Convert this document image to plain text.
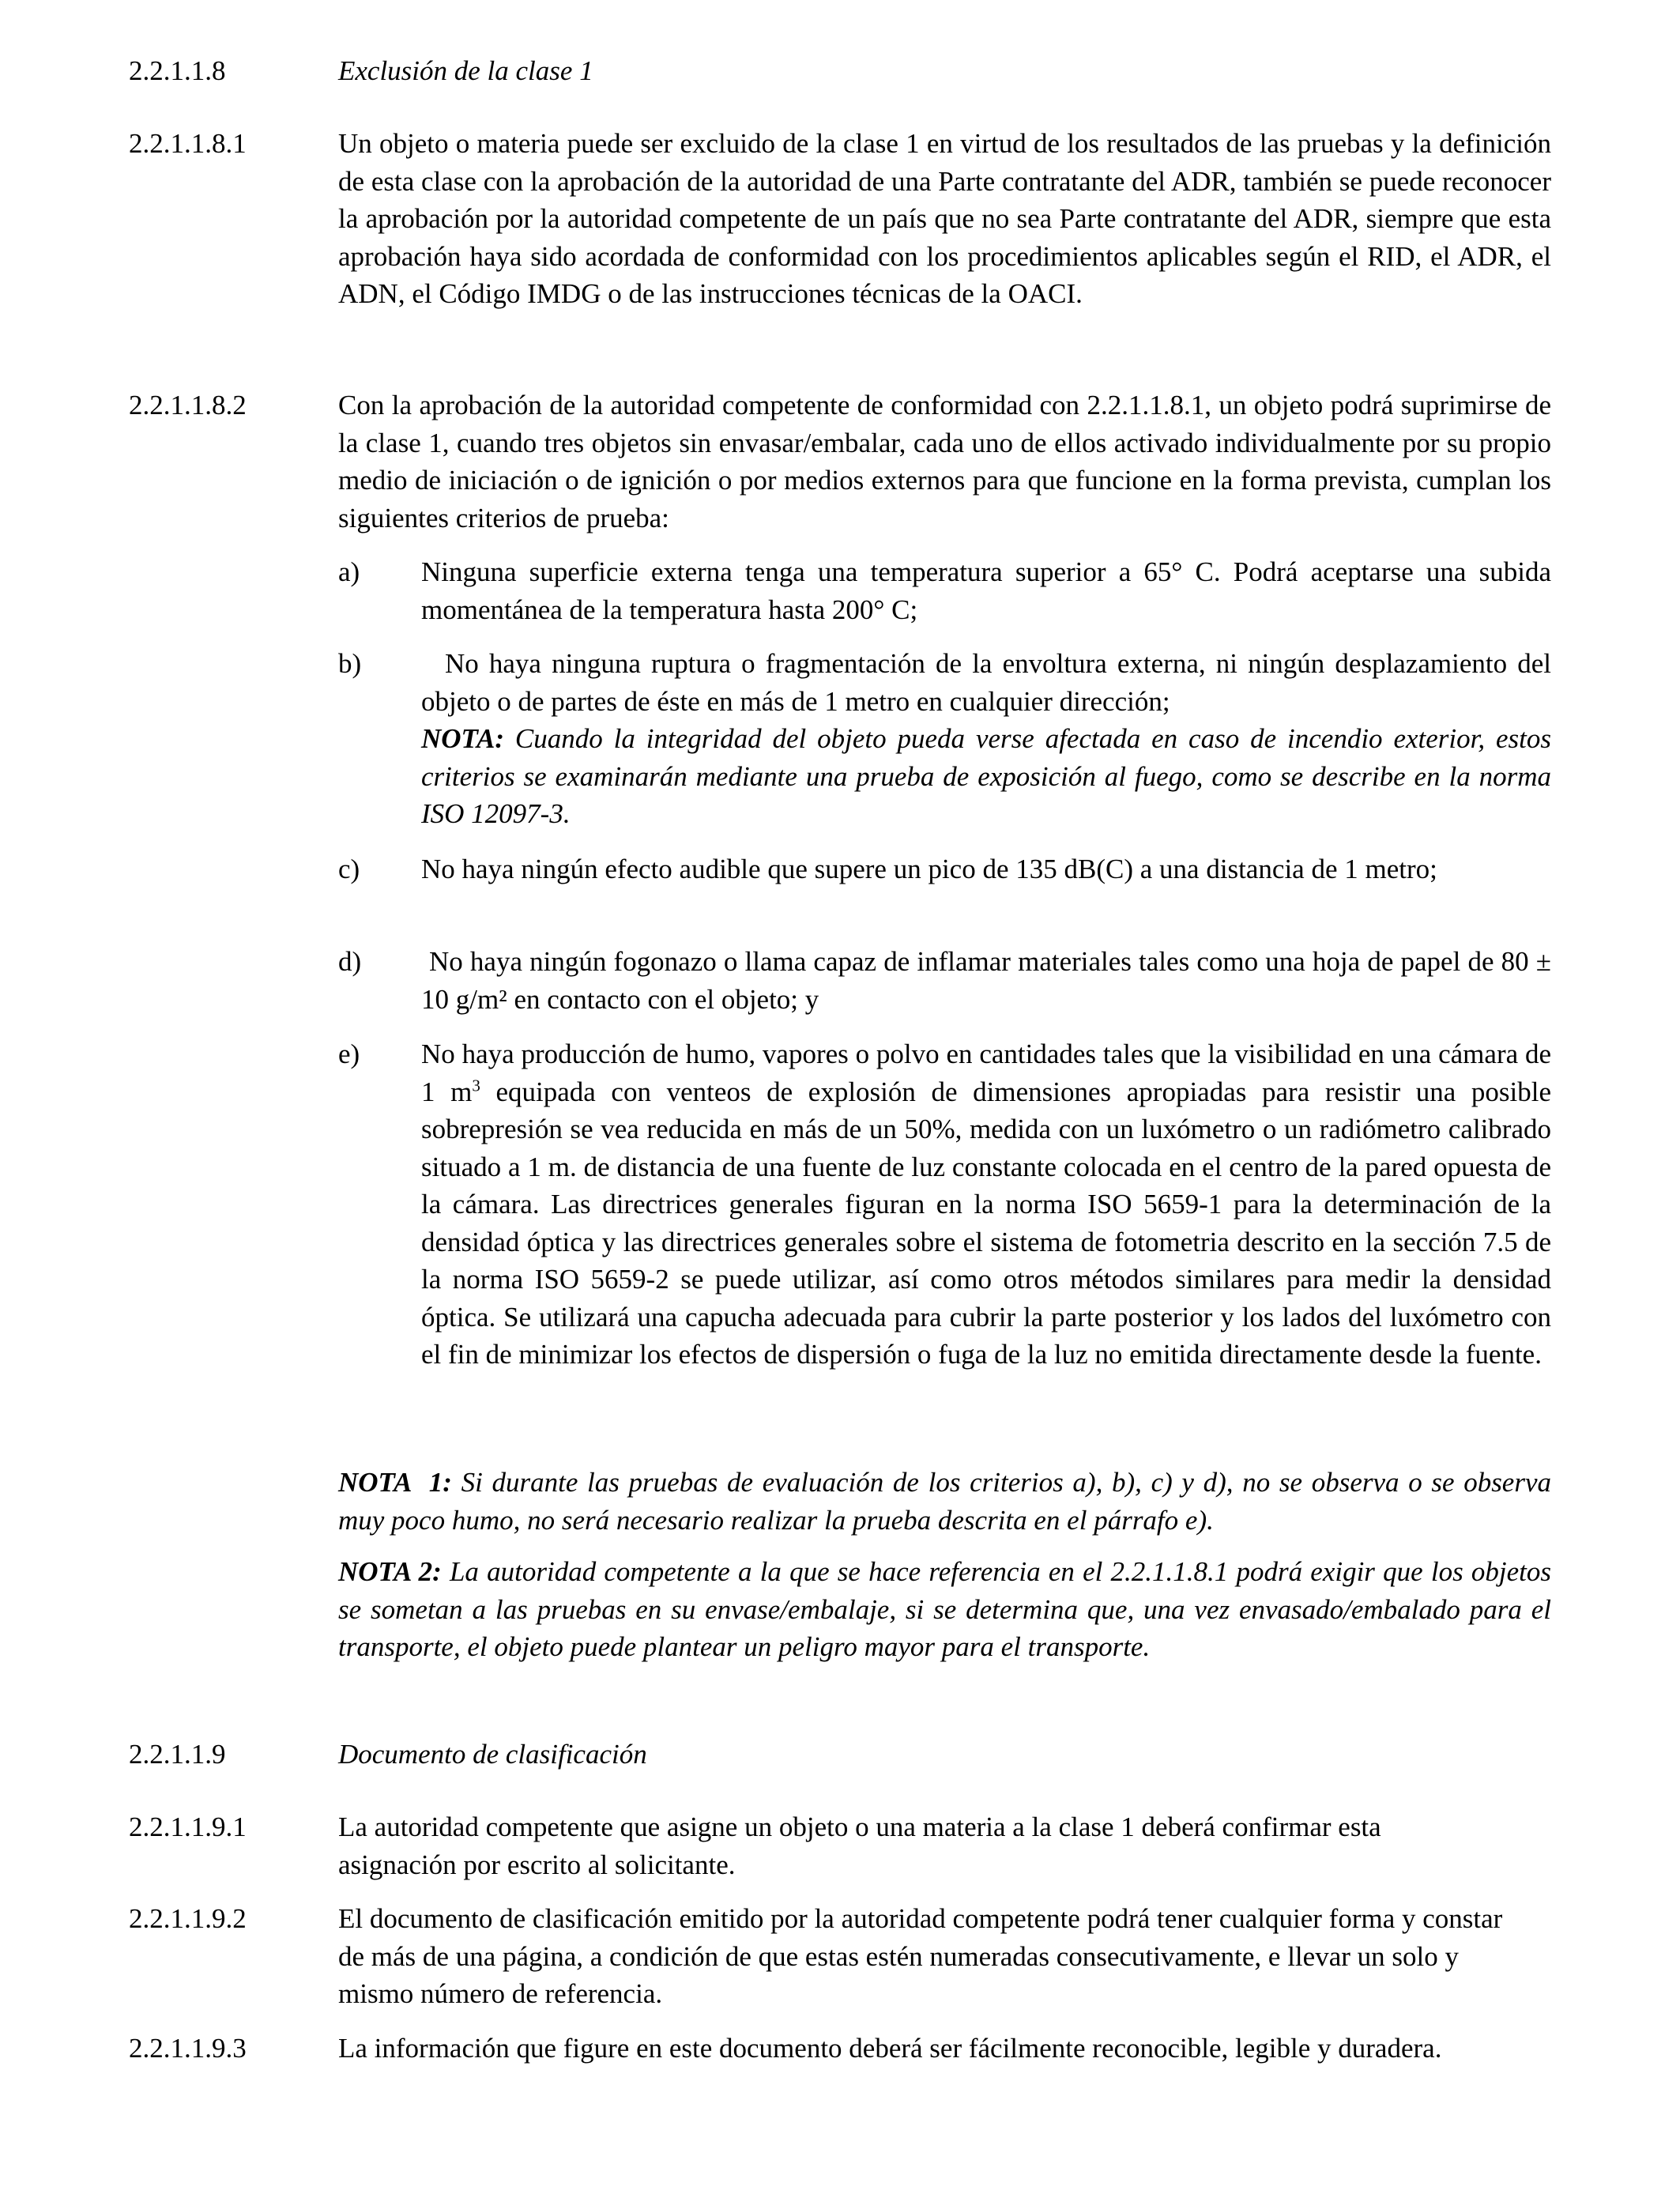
2.2.1.1.8	Exclusión de la clase 1
2.2.1.1.8.1	Un objeto o materia puede ser excluido de la clase 1 en virtud de los resultados de las pruebas y la definición de esta clase con la aprobación de la autoridad de una Parte contratante del ADR, también se puede reconocer la aprobación por la autoridad competente de un país que no sea Parte contratante del ADR, siempre que esta aprobación haya sido acordada de conformidad con los procedimientos aplicables según el RID, el ADR, el ADN, el Código IMDG o de las instrucciones técnicas de la OACI.
2.2.1.1.8.2	Con la aprobación de la autoridad competente de conformidad con 2.2.1.1.8.1, un objeto podrá suprimirse de la clase 1, cuando tres objetos sin envasar/embalar, cada uno de ellos activado individualmente por su propio medio de iniciación o de ignición o por medios externos para que funcione en la forma prevista, cumplan los siguientes criterios de prueba:
a) Ninguna superficie externa tenga una temperatura superior a 65° C. Podrá aceptarse una subida momentánea de la temperatura hasta 200° C;
b)	No haya ninguna ruptura o fragmentación de la envoltura externa, ni ningún desplazamiento del objeto o de partes de éste en más de 1 metro en cualquier dirección;
NOTA: Cuando la integridad del objeto pueda verse afectada en caso de incendio exterior, estos criterios se examinarán mediante una prueba de exposición al fuego, como se describe en la norma ISO 12097-3.
c) No haya ningún efecto audible que supere un pico de 135 dB(C) a una distancia de 1 metro;
d) No haya ningún fogonazo o llama capaz de inflamar materiales tales como una hoja de papel de 80 ± 10 g/m² en contacto con el objeto; y
e) No haya producción de humo, vapores o polvo en cantidades tales que la visibilidad en una cámara de 1 $m^3$ equipada con venteos de explosión de dimensiones apropiadas para resistir una posible sobrepresión se vea reducida en más de un 50%, medida con un luxómetro o un radiómetro calibrado situado a 1 m. de distancia de una fuente de luz constante colocada en el centro de la pared opuesta de la cámara. Las directrices generales figuran en la norma ISO 5659-1 para la determinación de la densidad óptica y las directrices generales sobre el sistema de fotometria descrito en la sección 7.5 de la norma ISO 5659-2 se puede utilizar, así como otros métodos similares para medir la densidad óptica. Se utilizará una capucha adecuada para cubrir la parte posterior y los lados del luxómetro con el fin de minimizar los efectos de dispersión o fuga de la luz no emitida directamente desde la fuente.
NOTA  1: Si durante las pruebas de evaluación de los criterios a), b), c) y d), no se observa o se observa muy poco humo, no será necesario realizar la prueba descrita en el párrafo e).
NOTA 2: La autoridad competente a la que se hace referencia en el 2.2.1.1.8.1 podrá exigir que los objetos se sometan a las pruebas en su envase/embalaje, si se determina que, una vez envasado/embalado para el transporte, el objeto puede plantear un peligro mayor para el transporte.
2.2.1.1.9	Documento de clasificación
2.2.1.1.9.1	La autoridad competente que asigne un objeto o una materia a la clase 1 deberá confirmar esta asignación por escrito al solicitante.
2.2.1.1.9.2	El documento de clasificación emitido por la autoridad competente podrá tener cualquier forma y constar de más de una página, a condición de que estas estén numeradas consecutivamente, e llevar un solo y mismo número de referencia.
2.2.1.1.9.3	La información que figure en este documento deberá ser fácilmente reconocible, legible y duradera.
